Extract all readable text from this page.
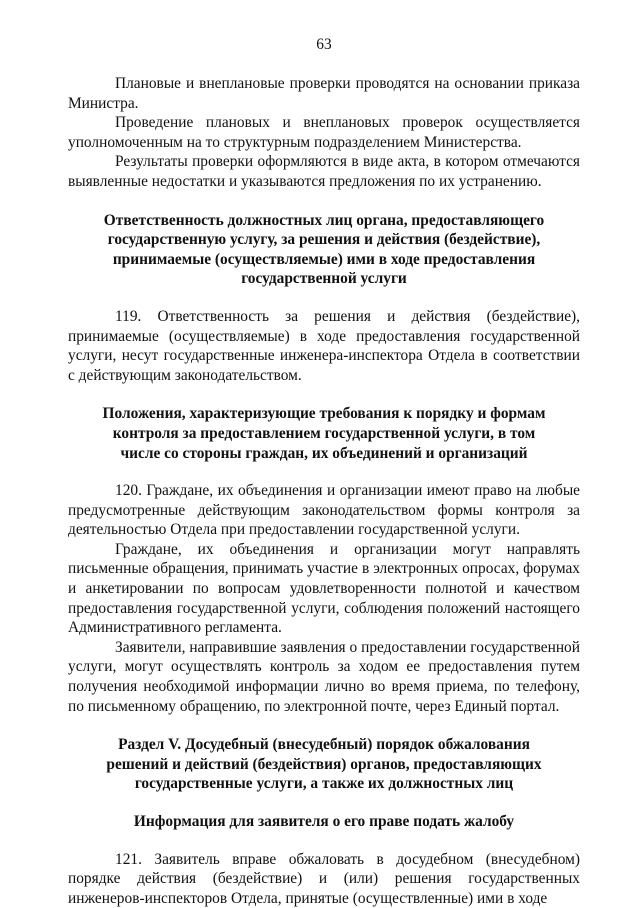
63

Плановые и внеплановые проверки проводятся на основании приказа Министра.

Проведение плановых и внеплановых проверок осуществляется уполномоченным на то структурным подразделением Министерства.

Результаты проверки оформляются в виде акта, в котором отмечаются выявленные недостатки и указываются предложения по их устранению.

Ответственность должностных лиц органа, предоставляющего государственную услугу, за решения и действия (бездействие), принимаемые (осуществляемые) ими в ходе предоставления государственной услуги

119. Ответственность за решения и действия (бездействие), принимаемые (осуществляемые) в ходе предоставления государственной услуги, несут государственные инженера-инспектора Отдела в соответствии с действующим законодательством.

Положения, характеризующие требования к порядку и формам контроля за предоставлением государственной услуги, в том числе со стороны граждан, их объединений и организаций

120. Граждане, их объединения и организации имеют право на любые предусмотренные действующим законодательством формы контроля за деятельностью Отдела при предоставлении государственной услуги.

Граждане, их объединения и организации могут направлять письменные обращения, принимать участие в электронных опросах, форумах и анкетировании по вопросам удовлетворенности полнотой и качеством предоставления государственной услуги, соблюдения положений настоящего Административного регламента.

Заявители, направившие заявления о предоставлении государственной услуги, могут осуществлять контроль за ходом ее предоставления путем получения необходимой информации лично во время приема, по телефону, по письменному обращению, по электронной почте, через Единый портал.

Раздел V. Досудебный (внесудебный) порядок обжалования решений и действий (бездействия) органов, предоставляющих государственные услуги, а также их должностных лиц
Информация для заявителя о его праве подать жалобу

121. Заявитель вправе обжаловать в досудебном (внесудебном) порядке действия (бездействие) и (или) решения государственных инженеров-инспекторов Отдела, принятые (осуществленные) ими в ходе
